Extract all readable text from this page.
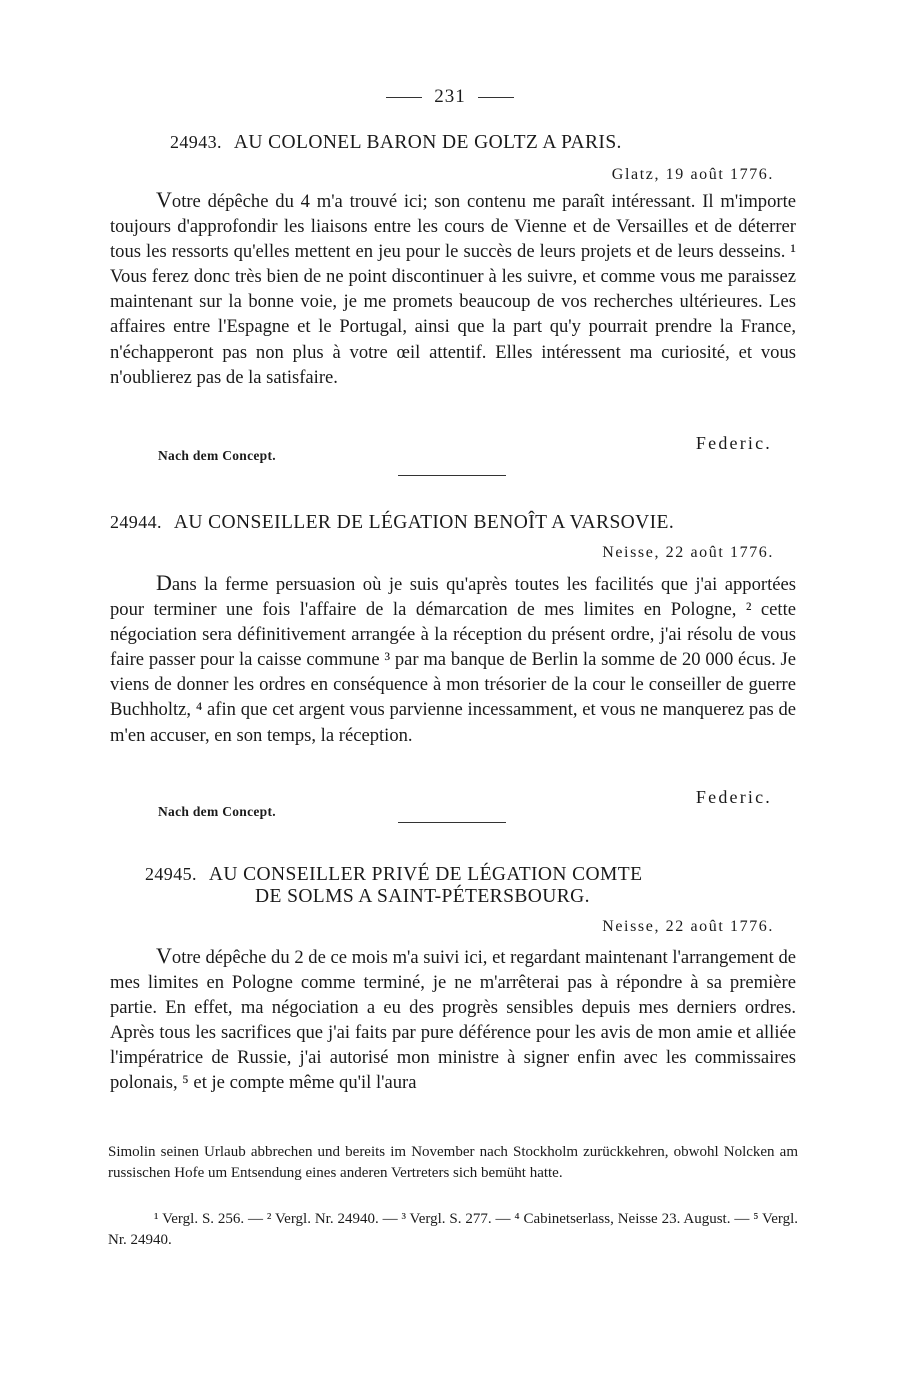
231
24943. AU COLONEL BARON DE GOLTZ A PARIS.
Glatz, 19 août 1776.
Votre dépêche du 4 m'a trouvé ici; son contenu me paraît intéressant. Il m'importe toujours d'approfondir les liaisons entre les cours de Vienne et de Versailles et de déterrer tous les ressorts qu'elles mettent en jeu pour le succès de leurs projets et de leurs desseins. ¹ Vous ferez donc très bien de ne point discontinuer à les suivre, et comme vous me paraissez maintenant sur la bonne voie, je me promets beaucoup de vos recherches ultérieures. Les affaires entre l'Espagne et le Portugal, ainsi que la part qu'y pourrait prendre la France, n'échapperont pas non plus à votre œil attentif. Elles intéressent ma curiosité, et vous n'oublierez pas de la satisfaire.
Federic.
Nach dem Concept.
24944. AU CONSEILLER DE LÉGATION BENOÎT A VARSOVIE.
Neisse, 22 août 1776.
Dans la ferme persuasion où je suis qu'après toutes les facilités que j'ai apportées pour terminer une fois l'affaire de la démarcation de mes limites en Pologne, ² cette négociation sera définitivement arrangée à la réception du présent ordre, j'ai résolu de vous faire passer pour la caisse commune ³ par ma banque de Berlin la somme de 20 000 écus. Je viens de donner les ordres en conséquence à mon trésorier de la cour le conseiller de guerre Buchholtz, ⁴ afin que cet argent vous parvienne incessamment, et vous ne manquerez pas de m'en accuser, en son temps, la réception.
Federic.
Nach dem Concept.
24945. AU CONSEILLER PRIVÉ DE LÉGATION COMTE
DE SOLMS A SAINT-PÉTERSBOURG.
Neisse, 22 août 1776.
Votre dépêche du 2 de ce mois m'a suivi ici, et regardant maintenant l'arrangement de mes limites en Pologne comme terminé, je ne m'arrêterai pas à répondre à sa première partie. En effet, ma négociation a eu des progrès sensibles depuis mes derniers ordres. Après tous les sacrifices que j'ai faits par pure déférence pour les avis de mon amie et alliée l'impératrice de Russie, j'ai autorisé mon ministre à signer enfin avec les commissaires polonais, ⁵ et je compte même qu'il l'aura
Simolin seinen Urlaub abbrechen und bereits im November nach Stockholm zurückkehren, obwohl Nolcken am russischen Hofe um Entsendung eines anderen Vertreters sich bemüht hatte.
¹ Vergl. S. 256. — ² Vergl. Nr. 24940. — ³ Vergl. S. 277. — ⁴ Cabinetserlass, Neisse 23. August. — ⁵ Vergl. Nr. 24940.
